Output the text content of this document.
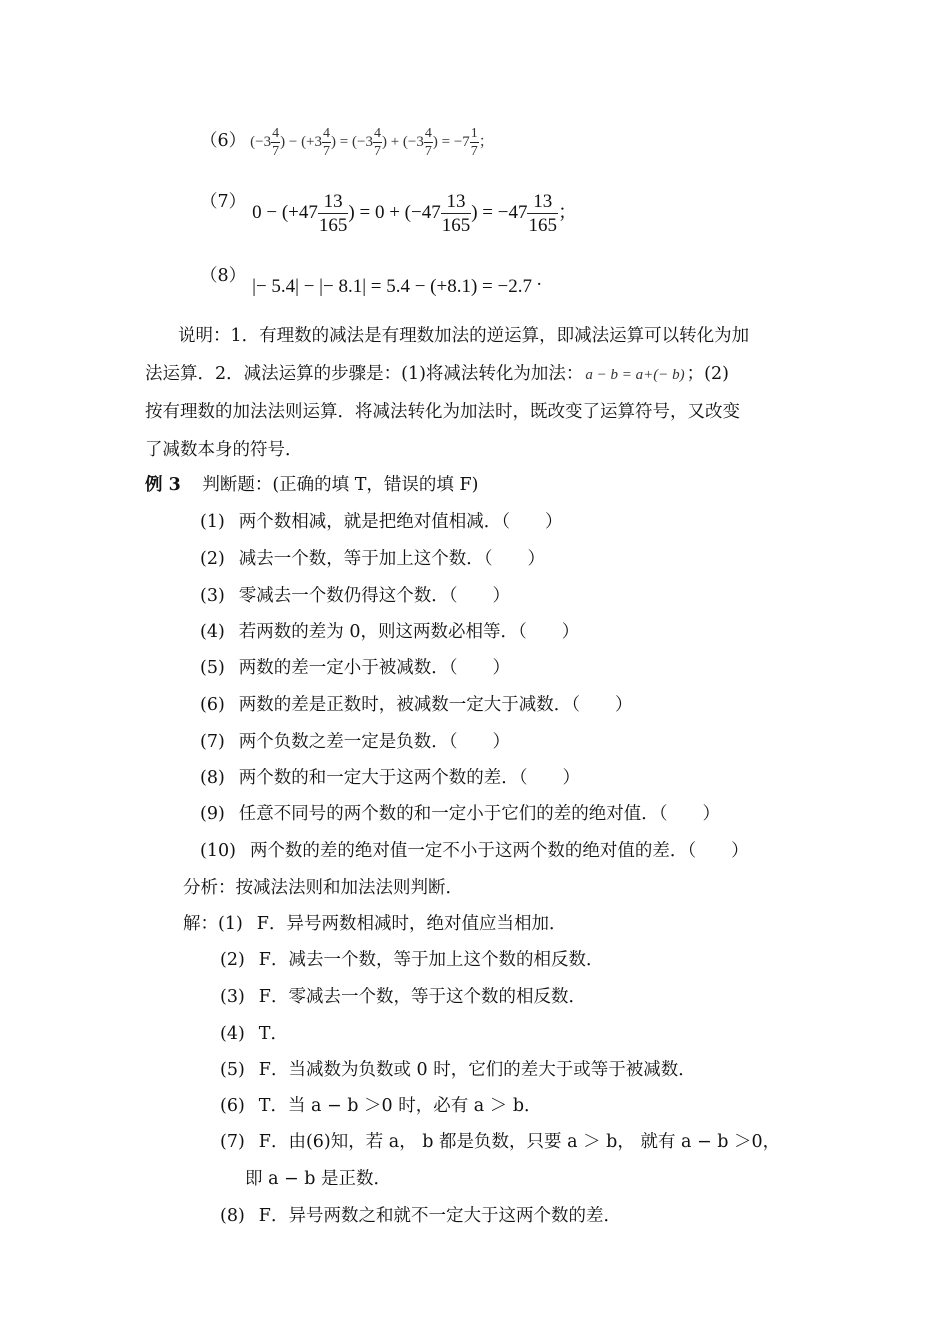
（6） ($-3 \frac{4}{7}$ ) − ($+3 \frac{4}{7}$ ) = ($-3 \frac{4}{7}$ ) + ($-3 \frac{4}{7}$ ) = $-7 \frac{1}{7}$ ；
（7） $0 - (+47 \frac{13}{165}$ ) = $0 + (-47 \frac{13}{165}$ ) = $-47 \frac{13}{165}$ ；
（8） |− 5.4| − |− 8.1| = 5.4 − (+8.1) = −2.7 ·
说明：1．有理数的减法是有理数加法的逆运算，即减法运算可以转化为加
法运算．2．减法运算的步骤是：(1)将减法转化为加法： a − b = a+(− b) ；(2)
按有理数的加法法则运算．将减法转化为加法时，既改变了运算符号，又改变
了减数本身的符号．
例 3 判断题：(正确的填 T，错误的填 F)
(1) 两个数相减，就是把绝对值相减．（　　）
(2) 减去一个数，等于加上这个数．（　　）
(3) 零减去一个数仍得这个数．（　　）
(4) 若两数的差为 0，则这两数必相等．（　　）
(5) 两数的差一定小于被减数．（　　）
(6) 两数的差是正数时，被减数一定大于减数．（　　）
(7) 两个负数之差一定是负数．（　　）
(8) 两个数的和一定大于这两个数的差．（　　）
(9) 任意不同号的两个数的和一定小于它们的差的绝对值．（　　）
(10) 两个数的差的绝对值一定不小于这两个数的绝对值的差．（　　）
分析：按减法法则和加法法则判断．
解：(1) F．异号两数相减时，绝对值应当相加．
(2) F．减去一个数，等于加上这个数的相反数．
(3) F．零减去一个数，等于这个数的相反数．
(4) T．
(5) F．当减数为负数或 0 时，它们的差大于或等于被减数．
(6) T．当 a − b ＞0 时，必有 a ＞ b．
(7) F．由(6)知，若 a， b 都是负数，只要 a ＞ b， 就有 a − b ＞0，
即 a − b 是正数．
(8) F．异号两数之和就不一定大于这两个数的差．
